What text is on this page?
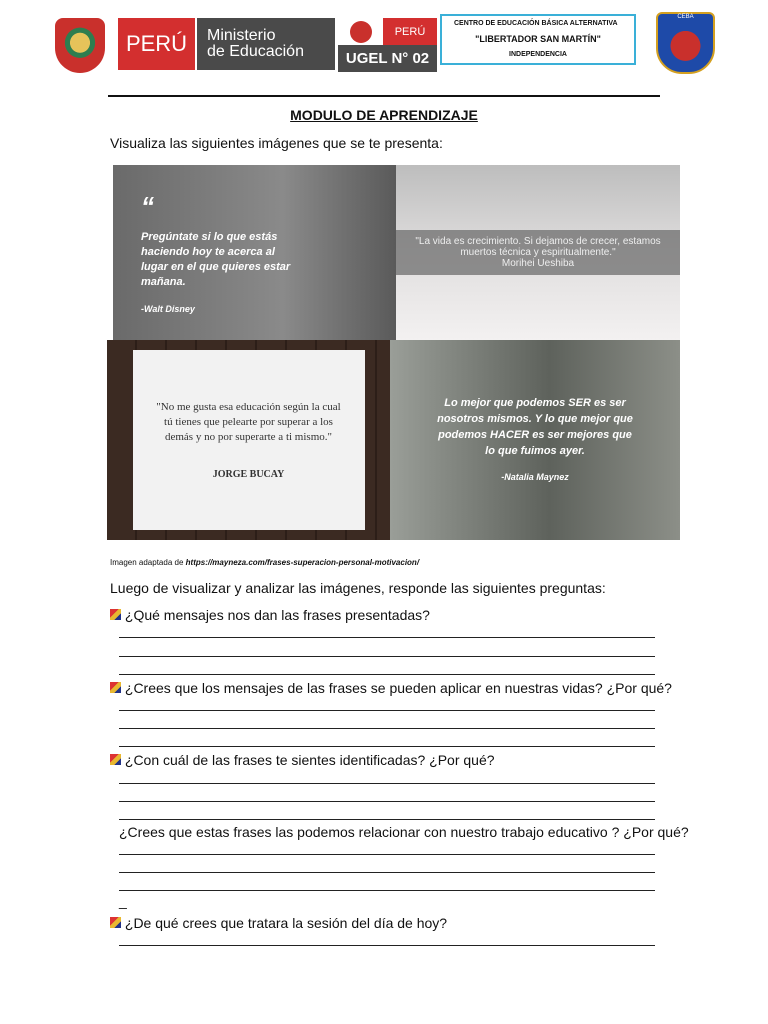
PERÚ	Ministerio
de Educación
PERÚ
UGEL N° 02
CENTRO DE EDUCACIÓN BÁSICA ALTERNATIVA
"LIBERTADOR SAN MARTÍN"
INDEPENDENCIA
CEBA
MODULO DE APRENDIZAJE
Visualiza las siguientes imágenes que se te presenta:
“
Pregúntate si lo que estás haciendo hoy te acerca al lugar en el que quieres estar mañana.
-Walt Disney
"La vida es crecimiento. Si dejamos de crecer, estamos muertos técnica y espiritualmente."
Morihei Ueshiba
"No me gusta esa educación según la cual tú tienes que pelearte por superar a los demás y no por superarte a ti mismo."
JORGE BUCAY
Lo mejor que podemos SER es ser nosotros mismos. Y lo que mejor que podemos HACER es ser mejores que lo que fuimos ayer.
-Natalia Maynez
Imagen adaptada de https://mayneza.com/frases-superacion-personal-motivacion/
Luego de visualizar y analizar las imágenes, responde las siguientes preguntas:
¿Qué mensajes nos dan las frases presentadas?
¿Crees que los mensajes de las frases se pueden aplicar en nuestras vidas? ¿Por qué?
¿Con cuál de las frases te sientes identificadas? ¿Por qué?
¿Crees que estas frases las podemos relacionar con nuestro trabajo educativo ? ¿Por qué?
_
¿De qué crees que tratara la sesión del día de hoy?
